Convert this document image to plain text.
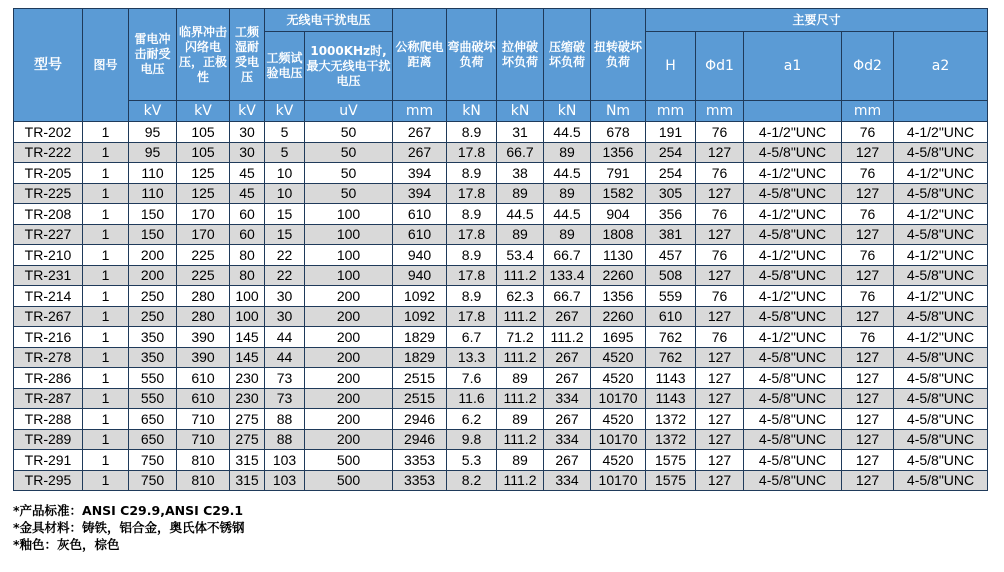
型号	图号	雷电冲击耐受电压	临界冲击闪络电压，正极性	工频湿耐受电压	无线电干扰电压		公称爬电距离	弯曲破坏负荷	拉伸破坏负荷	压缩破坏负荷	扭转破坏负荷	主要尺寸				
					工频试验电压	1000KHz时,最大无线电干扰电压						H	Φd1	a1	Φd2	a2
		kV	kV	kV	kV	uV	mm	kN	kN	kN	Nm	mm	mm		mm	
TR-202	1	95	105	30	5	50	267	8.9	31	44.5	678	191	76	4-1/2"UNC	76	4-1/2"UNC
TR-222	1	95	105	30	5	50	267	17.8	66.7	89	1356	254	127	4-5/8"UNC	127	4-5/8"UNC
TR-205	1	110	125	45	10	50	394	8.9	38	44.5	791	254	76	4-1/2"UNC	76	4-1/2"UNC
TR-225	1	110	125	45	10	50	394	17.8	89	89	1582	305	127	4-5/8"UNC	127	4-5/8"UNC
TR-208	1	150	170	60	15	100	610	8.9	44.5	44.5	904	356	76	4-1/2"UNC	76	4-1/2"UNC
TR-227	1	150	170	60	15	100	610	17.8	89	89	1808	381	127	4-5/8"UNC	127	4-5/8"UNC
TR-210	1	200	225	80	22	100	940	8.9	53.4	66.7	1130	457	76	4-1/2"UNC	76	4-1/2"UNC
TR-231	1	200	225	80	22	100	940	17.8	111.2	133.4	2260	508	127	4-5/8"UNC	127	4-5/8"UNC
TR-214	1	250	280	100	30	200	1092	8.9	62.3	66.7	1356	559	76	4-1/2"UNC	76	4-1/2"UNC
TR-267	1	250	280	100	30	200	1092	17.8	111.2	267	2260	610	127	4-5/8"UNC	127	4-5/8"UNC
TR-216	1	350	390	145	44	200	1829	6.7	71.2	111.2	1695	762	76	4-1/2"UNC	76	4-1/2"UNC
TR-278	1	350	390	145	44	200	1829	13.3	111.2	267	4520	762	127	4-5/8"UNC	127	4-5/8"UNC
TR-286	1	550	610	230	73	200	2515	7.6	89	267	4520	1143	127	4-5/8"UNC	127	4-5/8"UNC
TR-287	1	550	610	230	73	200	2515	11.6	111.2	334	10170	1143	127	4-5/8"UNC	127	4-5/8"UNC
TR-288	1	650	710	275	88	200	2946	6.2	89	267	4520	1372	127	4-5/8"UNC	127	4-5/8"UNC
TR-289	1	650	710	275	88	200	2946	9.8	111.2	334	10170	1372	127	4-5/8"UNC	127	4-5/8"UNC
TR-291	1	750	810	315	103	500	3353	5.3	89	267	4520	1575	127	4-5/8"UNC	127	4-5/8"UNC
TR-295	1	750	810	315	103	500	3353	8.2	111.2	334	10170	1575	127	4-5/8"UNC	127	4-5/8"UNC
*产品标准：ANSI C29.9,ANSI C29.1
*金具材料：铸铁，铝合金，奥氏体不锈钢
*釉色：灰色，棕色
